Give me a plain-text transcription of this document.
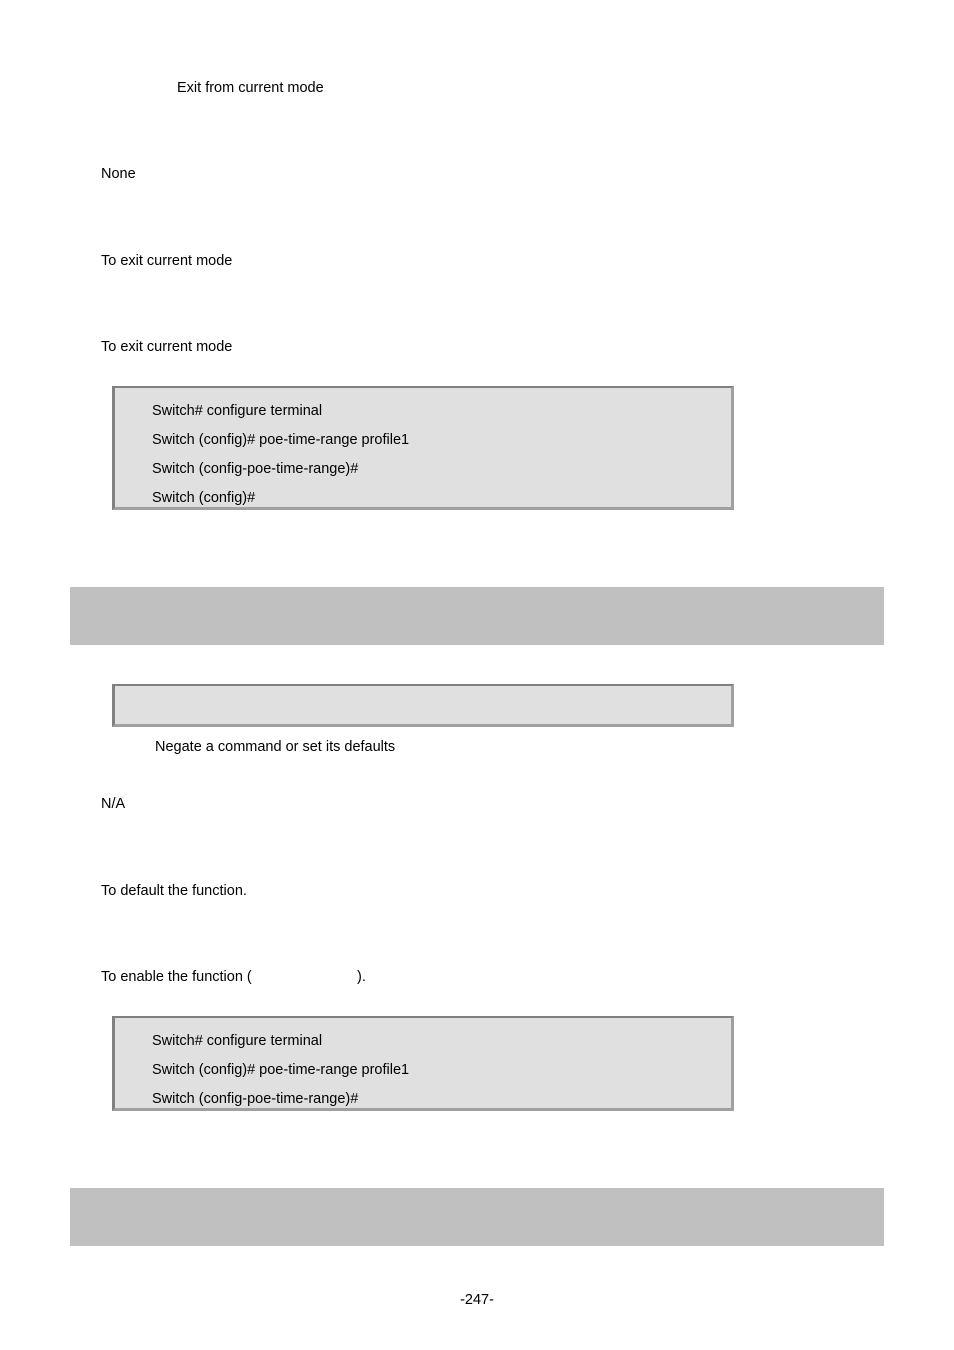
Exit from current mode
None
To exit current mode
To exit current mode
Switch# configure terminal
Switch (config)# poe-time-range profile1
Switch (config-poe-time-range)#
Switch (config)#
Negate a command or set its defaults
N/A
To default the function.
To enable the function (	).
Switch# configure terminal
Switch (config)# poe-time-range profile1
Switch (config-poe-time-range)#
-247-
